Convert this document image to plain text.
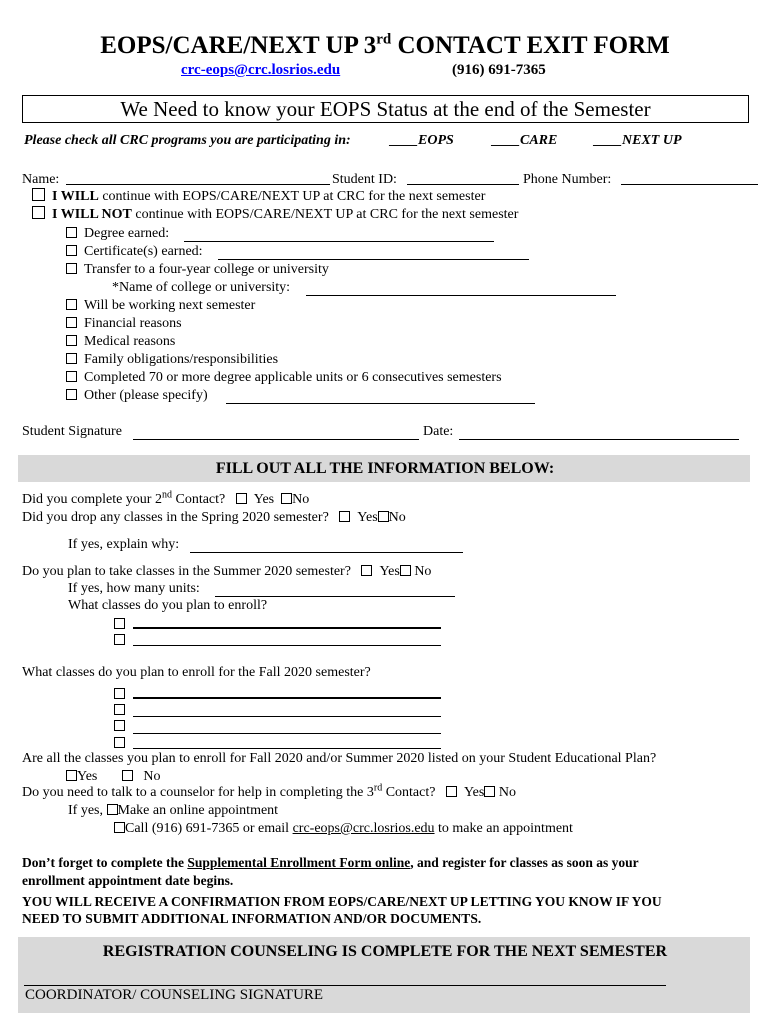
EOPS/CARE/NEXT UP 3rd CONTACT EXIT FORM
crc-eops@crc.losrios.edu	(916) 691-7365
We Need to know your EOPS Status at the end of the Semester
Please check all CRC programs you are participating in:	____EOPS	____CARE	____NEXT UP
Name:	Student ID:	Phone Number:
I WILL continue with EOPS/CARE/NEXT UP at CRC for the next semester
I WILL NOT continue with EOPS/CARE/NEXT UP at CRC for the next semester
Degree earned:
Certificate(s) earned:
Transfer to a four-year college or university
*Name of college or university:
Will be working next semester
Financial reasons
Medical reasons
Family obligations/responsibilities
Completed 70 or more degree applicable units or 6 consecutives semesters
Other (please specify)
Student Signature	Date:
FILL OUT ALL THE INFORMATION BELOW:
Did you complete your 2nd Contact? Yes No
Did you drop any classes in the Spring 2020 semester? Yes No
If yes, explain why:
Do you plan to take classes in the Summer 2020 semester? Yes No
If yes, how many units:
What classes do you plan to enroll?
What classes do you plan to enroll for the Fall 2020 semester?
Are all the classes you plan to enroll for Fall 2020 and/or Summer 2020 listed on your Student Educational Plan?
Yes	No
Do you need to talk to a counselor for help in completing the 3rd Contact? Yes No
If yes, Make an online appointment
Call (916) 691-7365 or email crc-eops@crc.losrios.edu to make an appointment
Don’t forget to complete the Supplemental Enrollment Form online, and register for classes as soon as your
enrollment appointment date begins.
YOU WILL RECEIVE A CONFIRMATION FROM EOPS/CARE/NEXT UP LETTING YOU KNOW IF YOU
NEED TO SUBMIT ADDITIONAL INFORMATION AND/OR DOCUMENTS.
REGISTRATION COUNSELING IS COMPLETE FOR THE NEXT SEMESTER
COORDINATOR/ COUNSELING SIGNATURE
